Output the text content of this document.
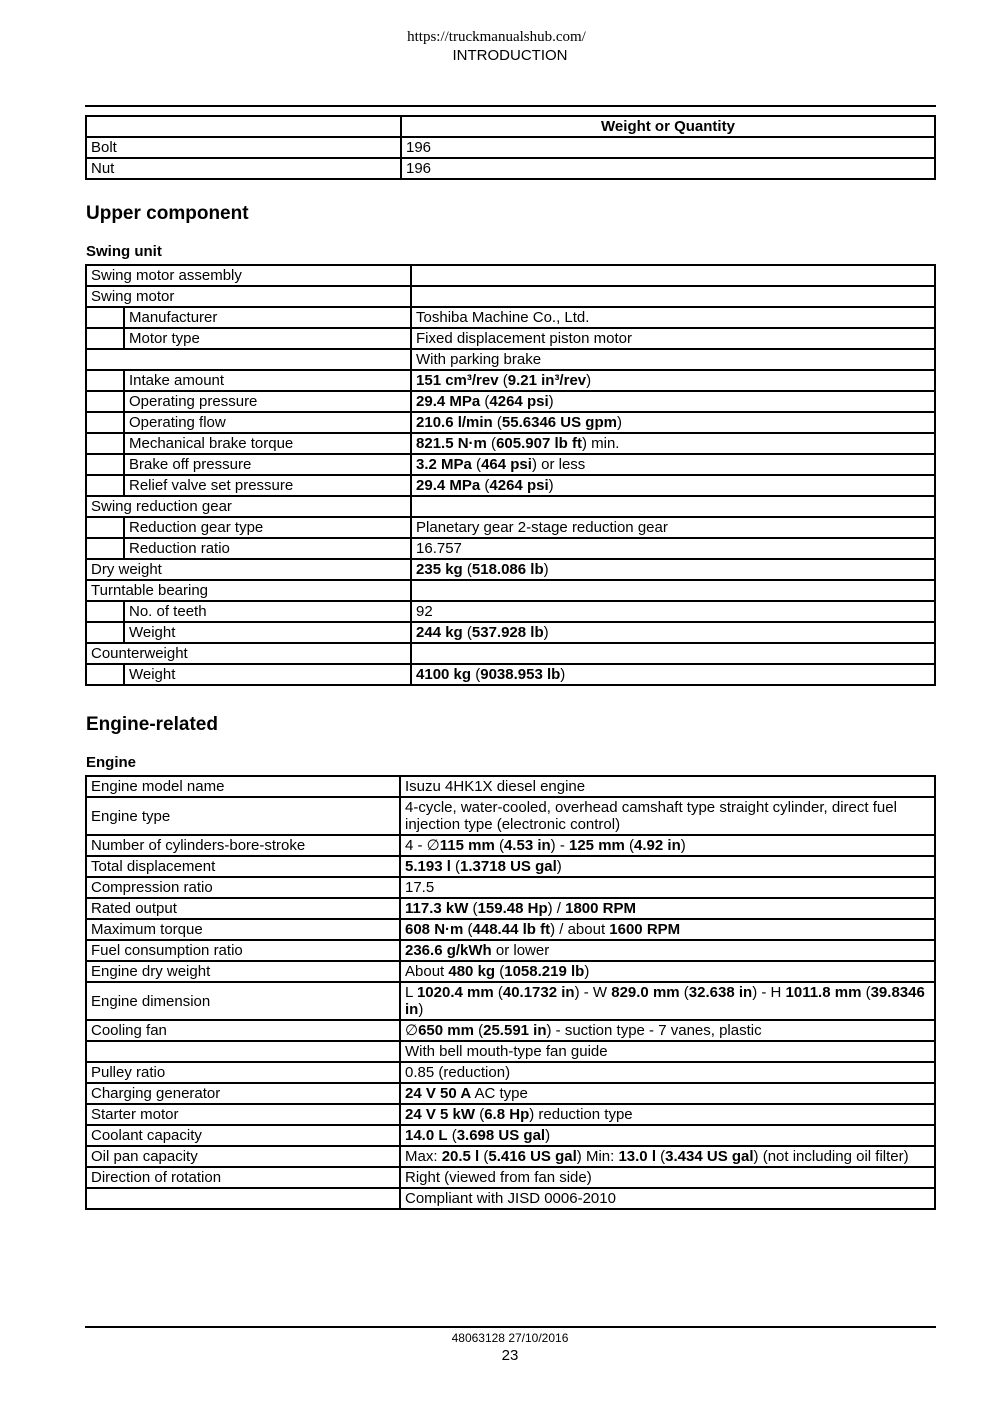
https://truckmanualshub.com/
INTRODUCTION
	Weight or Quantity
Bolt	196
Nut	196
Upper component
Swing unit
Swing motor assembly		
Swing motor		
	Manufacturer	Toshiba Machine Co., Ltd.
	Motor type	Fixed displacement piston motor
		With parking brake
	Intake amount	151 cm³/rev (9.21 in³/rev)
	Operating pressure	29.4 MPa (4264 psi)
	Operating flow	210.6 l/min (55.6346 US gpm)
	Mechanical brake torque	821.5 N·m (605.907 lb ft) min.
	Brake off pressure	3.2 MPa (464 psi) or less
	Relief valve set pressure	29.4 MPa (4264 psi)
Swing reduction gear		
	Reduction gear type	Planetary gear 2-stage reduction gear
	Reduction ratio	16.757
Dry weight		235 kg (518.086 lb)
Turntable bearing		
	No. of teeth	92
	Weight	244 kg (537.928 lb)
Counterweight		
	Weight	4100 kg (9038.953 lb)
Engine-related
Engine
Engine model name	Isuzu 4HK1X diesel engine
Engine type	4-cycle, water-cooled, overhead camshaft type straight cylinder, direct fuel injection type (electronic control)
Number of cylinders-bore-stroke	4 - ∅115 mm (4.53 in) - 125 mm (4.92 in)
Total displacement	5.193 l (1.3718 US gal)
Compression ratio	17.5
Rated output	117.3 kW (159.48 Hp) / 1800 RPM
Maximum torque	608 N·m (448.44 lb ft) / about 1600 RPM
Fuel consumption ratio	236.6 g/kWh or lower
Engine dry weight	About 480 kg (1058.219 lb)
Engine dimension	L 1020.4 mm (40.1732 in) - W 829.0 mm (32.638 in) - H 1011.8 mm (39.8346 in)
Cooling fan	∅650 mm (25.591 in) - suction type - 7 vanes, plastic
	With bell mouth-type fan guide
Pulley ratio	0.85 (reduction)
Charging generator	24 V 50 A AC type
Starter motor	24 V 5 kW (6.8 Hp) reduction type
Coolant capacity	14.0 L (3.698 US gal)
Oil pan capacity	Max: 20.5 l (5.416 US gal) Min: 13.0 l (3.434 US gal) (not including oil filter)
Direction of rotation	Right (viewed from fan side)
	Compliant with JISD 0006-2010
48063128 27/10/2016
23
